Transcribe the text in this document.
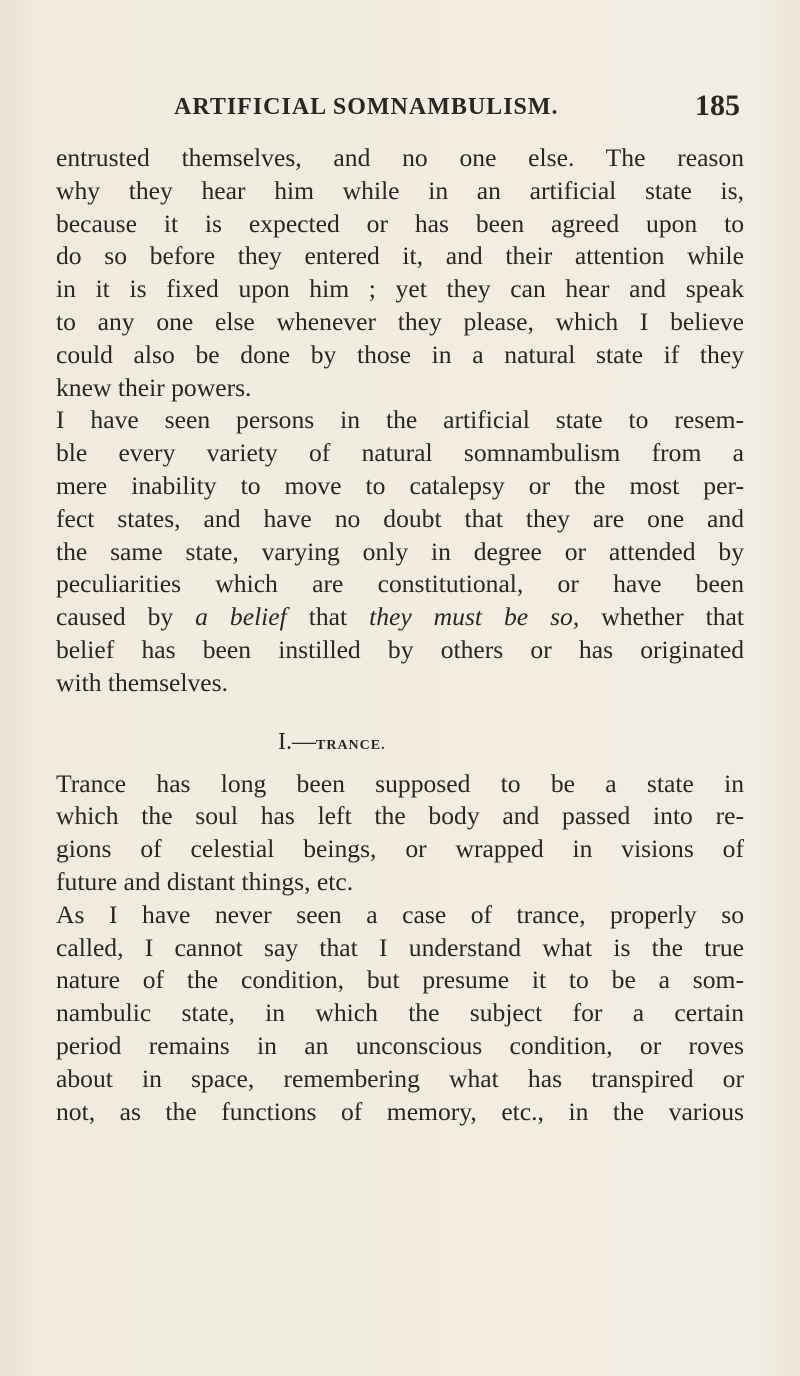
ARTIFICIAL SOMNAMBULISM.	185
entrusted themselves, and no one else. The reason
why they hear him while in an artificial state is,
because it is expected or has been agreed upon to
do so before they entered it, and their attention while
in it is fixed upon him ; yet they can hear and speak
to any one else whenever they please, which I believe
could also be done by those in a natural state if they
knew their powers.
I have seen persons in the artificial state to resem-
ble every variety of natural somnambulism from a
mere inability to move to catalepsy or the most per-
fect states, and have no doubt that they are one and
the same state, varying only in degree or attended by
peculiarities which are constitutional, or have been
caused by a belief that they must be so, whether that
belief has been instilled by others or has originated
with themselves.
I.—TRANCE.
Trance has long been supposed to be a state in
which the soul has left the body and passed into re-
gions of celestial beings, or wrapped in visions of
future and distant things, etc.
As I have never seen a case of trance, properly so
called, I cannot say that I understand what is the true
nature of the condition, but presume it to be a som-
nambulic state, in which the subject for a certain
period remains in an unconscious condition, or roves
about in space, remembering what has transpired or
not, as the functions of memory, etc., in the various
